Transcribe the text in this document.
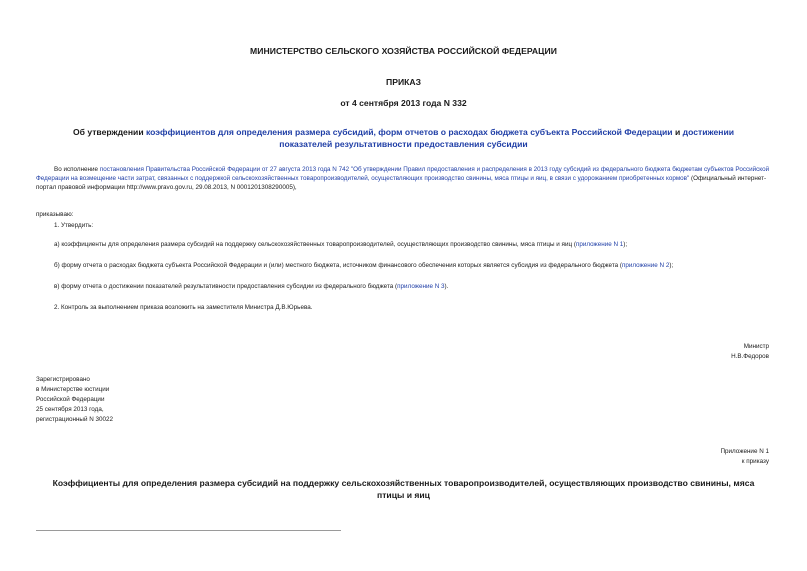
МИНИСТЕРСТВО СЕЛЬСКОГО ХОЗЯЙСТВА РОССИЙСКОЙ ФЕДЕРАЦИИ
ПРИКАЗ
от 4 сентября 2013 года N 332
Об утверждении коэффициентов для определения размера субсидий, форм отчетов о расходах бюджета субъекта Российской Федерации и достижении показателей результативности предоставления субсидии
Во исполнение постановления Правительства Российской Федерации от 27 августа 2013 года N 742 "Об утверждении Правил предоставления и распределения в 2013 году субсидий из федерального бюджета бюджетам субъектов Российской Федерации на возмещение части затрат, связанных с поддержкой сельскохозяйственных товаропроизводителей, осуществляющих производство свинины, мяса птицы и яиц, в связи с удорожанием приобретенных кормов" (Официальный интернет-портал правовой информации http://www.pravo.gov.ru, 29.08.2013, N 0001201308290005),
приказываю:
1. Утвердить:
а) коэффициенты для определения размера субсидий на поддержку сельскохозяйственных товаропроизводителей, осуществляющих производство свинины, мяса птицы и яиц (приложение N 1);
б) форму отчета о расходах бюджета субъекта Российской Федерации и (или) местного бюджета, источником финансового обеспечения которых является субсидия из федерального бюджета (приложение N 2);
в) форму отчета о достижении показателей результативности предоставления субсидии из федерального бюджета (приложение N 3).
2. Контроль за выполнением приказа возложить на заместителя Министра Д.В.Юрьева.
Министр
Н.В.Федоров
Зарегистрировано
в Министерстве юстиции
Российской Федерации
25 сентября 2013 года,
регистрационный N 30022
Приложение N 1
к приказу
Коэффициенты для определения размера субсидий на поддержку сельскохозяйственных товаропроизводителей, осуществляющих производство свинины, мяса птицы и яиц
